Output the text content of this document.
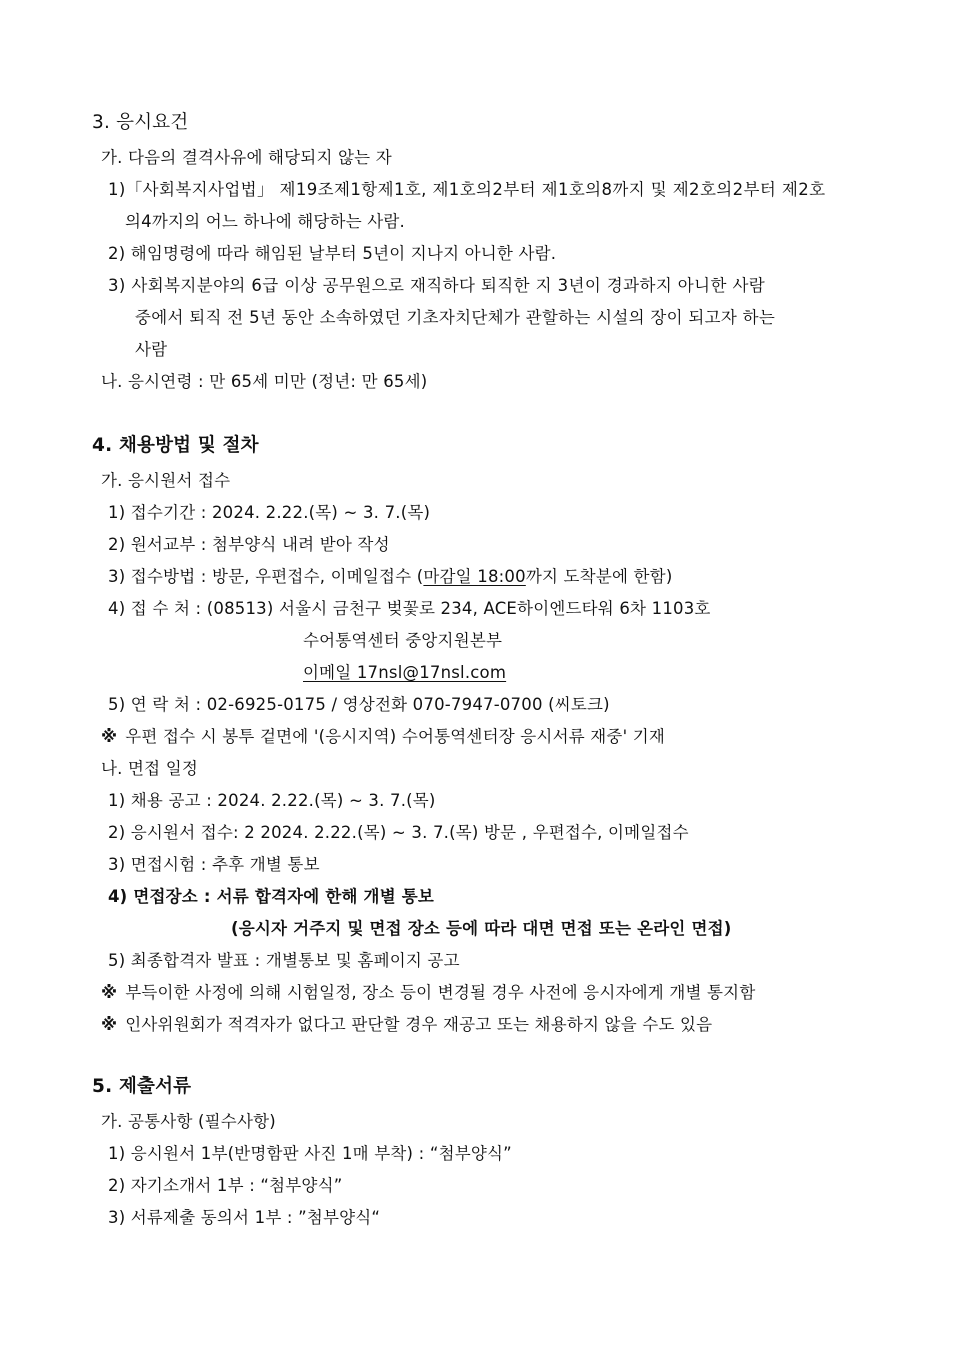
3. 응시요건
가. 다음의 결격사유에 해당되지 않는 자
1)「사회복지사업법」 제19조제1항제1호, 제1호의2부터 제1호의8까지 및 제2호의2부터 제2호
의4까지의 어느 하나에 해당하는 사람.
2) 해임명령에 따라 해임된 날부터 5년이 지나지 아니한 사람.
3) 사회복지분야의 6급 이상 공무원으로 재직하다 퇴직한 지 3년이 경과하지 아니한 사람
중에서 퇴직 전 5년 동안 소속하였던 기초자치단체가 관할하는 시설의 장이 되고자 하는
사람
나. 응시연령 : 만 65세 미만 (정년: 만 65세)
4. 채용방법 및 절차
가. 응시원서 접수
1) 접수기간 : 2024. 2.22.(목) ~ 3. 7.(목)
2) 원서교부 : 첨부양식 내려 받아 작성
3) 접수방법 : 방문, 우편접수, 이메일접수 (마감일 18:00까지 도착분에 한함)
4) 접 수 처 : (08513) 서울시 금천구 벚꽃로 234, ACE하이엔드타워 6차 1103호
수어통역센터 중앙지원본부
이메일 17nsl@17nsl.com
5) 연 락 처 : 02-6925-0175 / 영상전화 070-7947-0700 (씨토크)
※ 우편 접수 시 봉투 겉면에 '(응시지역) 수어통역센터장 응시서류 재중' 기재
나. 면접 일정
1) 채용 공고 : 2024. 2.22.(목) ~ 3. 7.(목)
2) 응시원서 접수: 2 2024. 2.22.(목) ~ 3. 7.(목) 방문 , 우편접수, 이메일접수
3) 면접시험 : 추후 개별 통보
4) 면접장소 : 서류 합격자에 한해 개별 통보
(응시자 거주지 및 면접 장소 등에 따라 대면 면접 또는 온라인 면접)
5) 최종합격자 발표 : 개별통보 및 홈페이지 공고
※ 부득이한 사정에 의해 시험일정, 장소 등이 변경될 경우 사전에 응시자에게 개별 통지함
※ 인사위원회가 적격자가 없다고 판단할 경우 재공고 또는 채용하지 않을 수도 있음
5. 제출서류
가. 공통사항 (필수사항)
1) 응시원서 1부(반명함판 사진 1매 부착) : “첨부양식”
2) 자기소개서 1부 : “첨부양식”
3) 서류제출 동의서 1부 : ”첨부양식“
